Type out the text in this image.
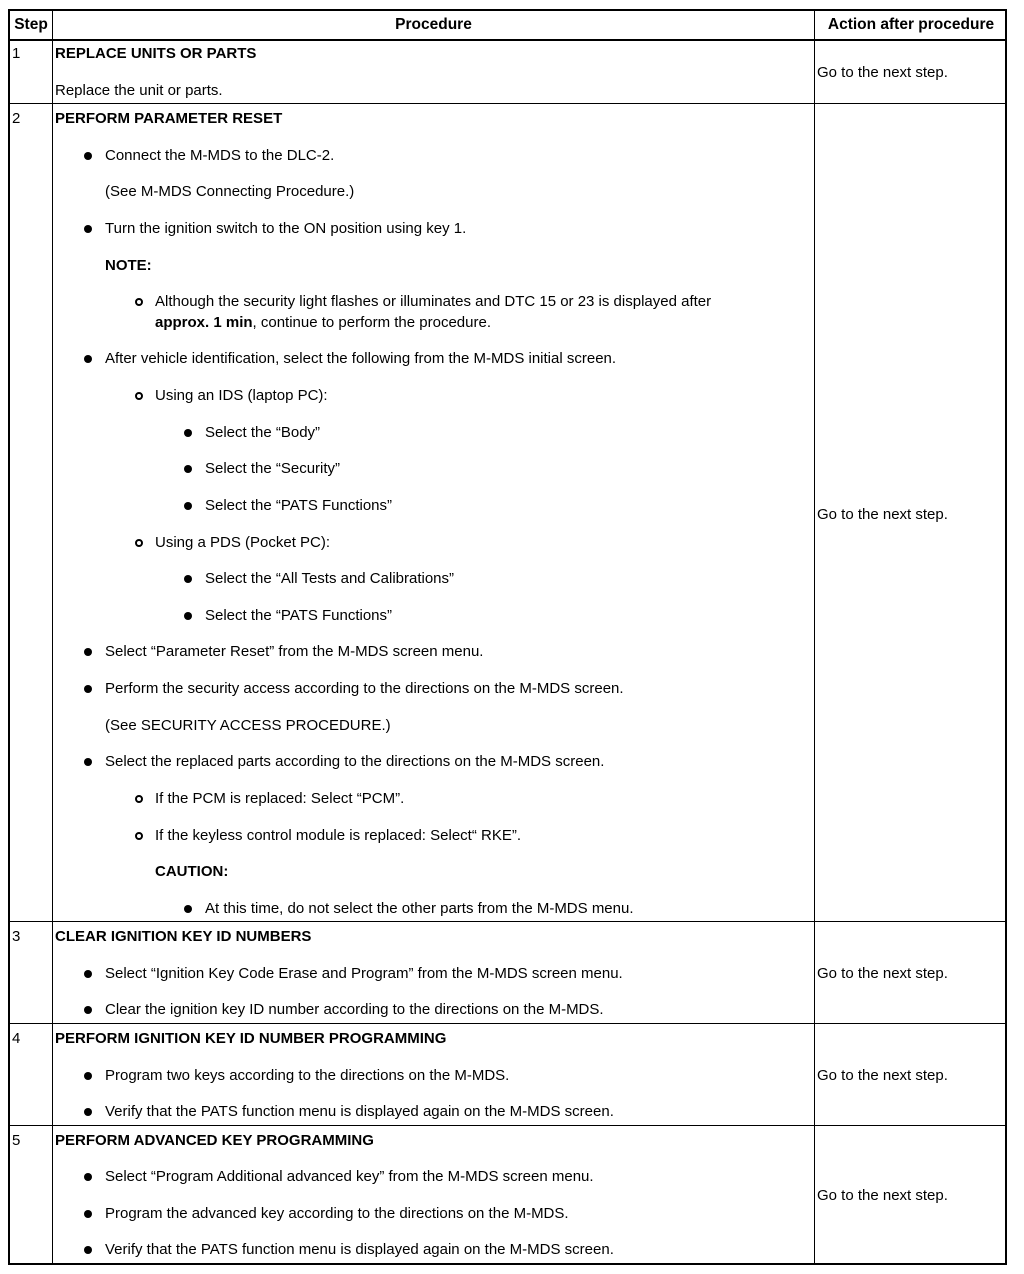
Step	Procedure	Action after procedure
1 REPLACE UNITS OR PARTS
Replace the unit or parts.
Go to the next step.
2 PERFORM PARAMETER RESET
Connect the M-MDS to the DLC-2.
(See M-MDS Connecting Procedure.)
Turn the ignition switch to the ON position using key 1.
NOTE:
Although the security light flashes or illuminates and DTC 15 or 23 is displayed after
approx. 1 min, continue to perform the procedure.
After vehicle identification, select the following from the M-MDS initial screen.
Using an IDS (laptop PC):
Select the “Body”
Select the “Security”
Select the “PATS Functions”
Using a PDS (Pocket PC):
Select the “All Tests and Calibrations”
Select the “PATS Functions”
Select “Parameter Reset” from the M-MDS screen menu.
Perform the security access according to the directions on the M-MDS screen.
(See SECURITY ACCESS PROCEDURE.)
Select the replaced parts according to the directions on the M-MDS screen.
If the PCM is replaced: Select “PCM”.
If the keyless control module is replaced: Select“ RKE”.
CAUTION:
At this time, do not select the other parts from the M-MDS menu.
Go to the next step.
3 CLEAR IGNITION KEY ID NUMBERS
Select “Ignition Key Code Erase and Program” from the M-MDS screen menu.
Clear the ignition key ID number according to the directions on the M-MDS.
Go to the next step.
4 PERFORM IGNITION KEY ID NUMBER PROGRAMMING
Program two keys according to the directions on the M-MDS.
Verify that the PATS function menu is displayed again on the M-MDS screen.
Go to the next step.
5 PERFORM ADVANCED KEY PROGRAMMING
Select “Program Additional advanced key” from the M-MDS screen menu.
Program the advanced key according to the directions on the M-MDS.
Verify that the PATS function menu is displayed again on the M-MDS screen.
Go to the next step.
